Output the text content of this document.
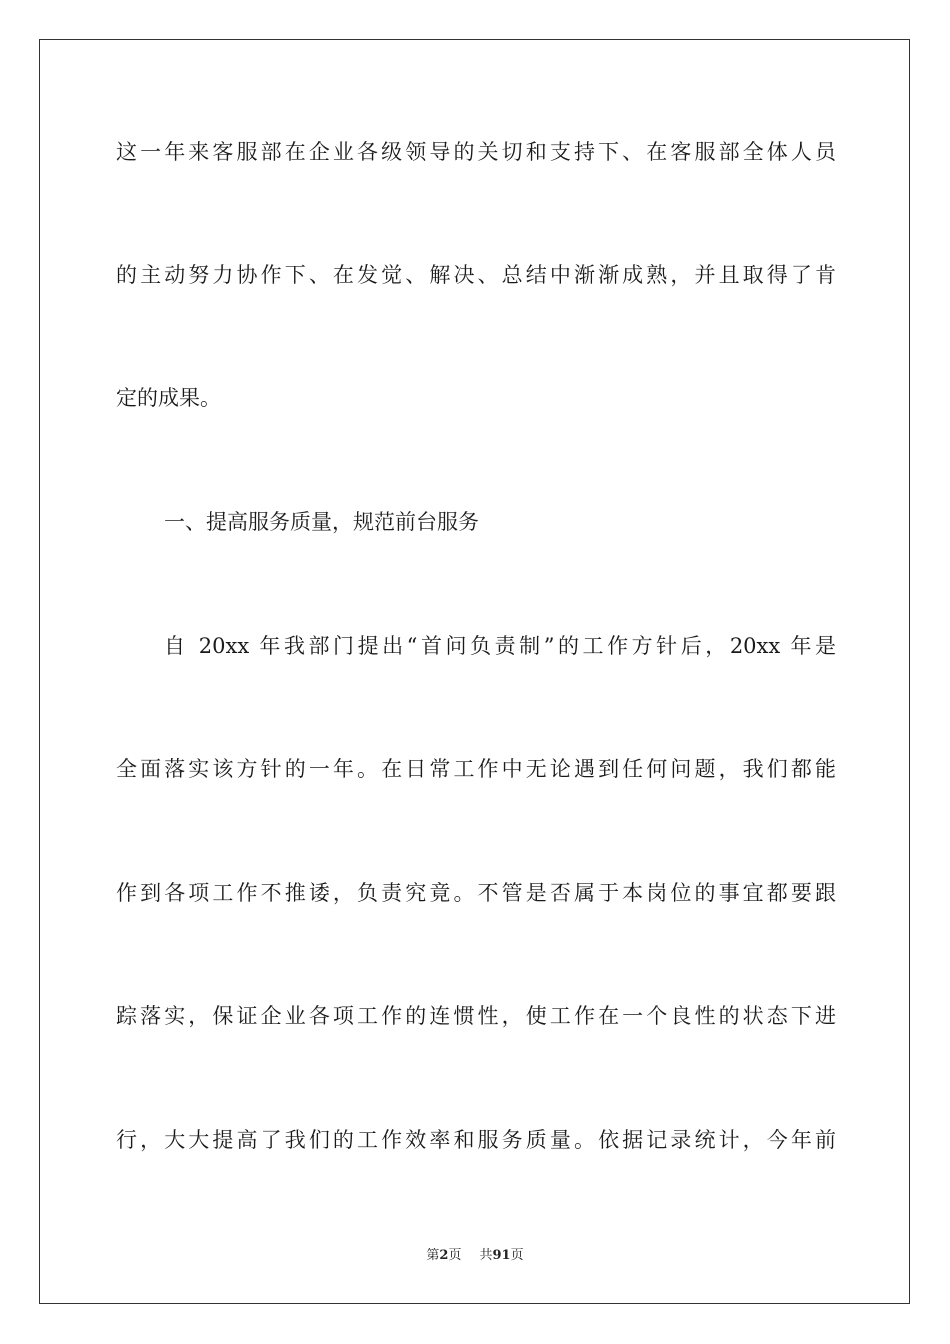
这一年来客服部在企业各级领导的关切和支持下、在客服部全体人员
的主动努力协作下、在发觉、解决、总结中渐渐成熟，并且取得了肯
定的成果。
一、提高服务质量，规范前台服务
自 20xx 年我部门提出“首问负责制”的工作方针后，20xx 年是
全面落实该方针的一年。在日常工作中无论遇到任何问题，我们都能
作到各项工作不推诿，负责究竟。不管是否属于本岗位的事宜都要跟
踪落实，保证企业各项工作的连惯性，使工作在一个良性的状态下进
行，大大提高了我们的工作效率和服务质量。依据记录统计，今年前
第2页 共91页
